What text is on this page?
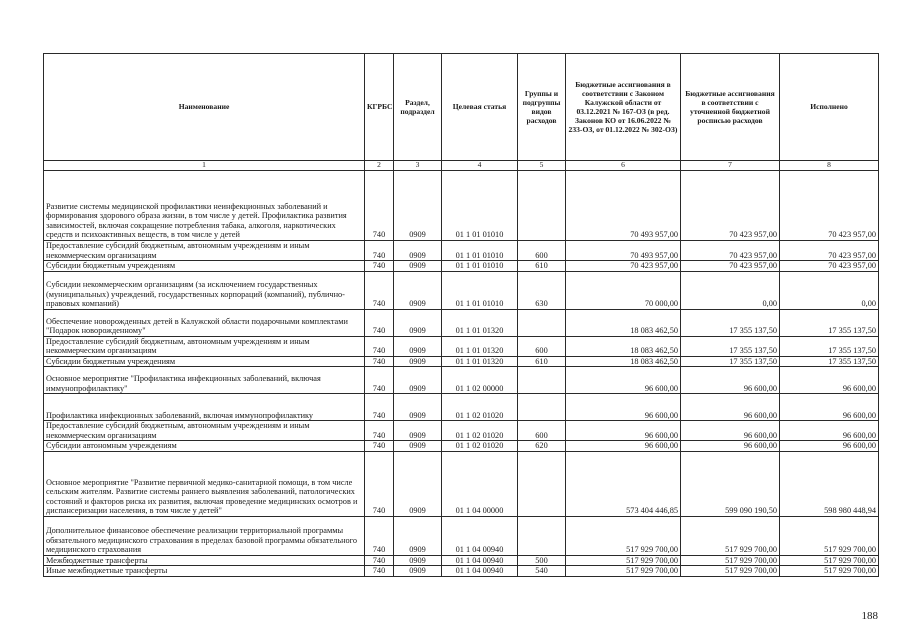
Наименование	КГРБС	Раздел, подраздел	Целевая статья	Группы и подгруппы видов расходов	Бюджетные ассигнования в соответствии с Законом Калужской области от 03.12.2021 № 167-ОЗ (в ред. Законов КО от 16.06.2022 № 233-ОЗ, от 01.12.2022 № 302-ОЗ)	Бюджетные ассигнования в соответствии с уточненной бюджетной росписью расходов	Исполнено
1	2	3	4	5	6	7	8
Развитие системы медицинской профилактики неинфекционных заболеваний и формирования здорового образа жизни, в том числе у детей. Профилактика развития зависимостей, включая сокращение потребления табака, алкоголя, наркотических средств и психоактивных веществ, в том числе у детей	740	0909	01 1 01 01010		70 493 957,00	70 423 957,00	70 423 957,00
Предоставление субсидий бюджетным, автономным учреждениям и иным некоммерческим организациям	740	0909	01 1 01 01010	600	70 493 957,00	70 423 957,00	70 423 957,00
Субсидии бюджетным учреждениям	740	0909	01 1 01 01010	610	70 423 957,00	70 423 957,00	70 423 957,00
Субсидии некоммерческим организациям (за исключением государственных (муниципальных) учреждений, государственных корпораций (компаний), публично-правовых компаний)	740	0909	01 1 01 01010	630	70 000,00	0,00	0,00
Обеспечение новорожденных детей в Калужской области подарочными комплектами "Подарок новорожденному"	740	0909	01 1 01 01320		18 083 462,50	17 355 137,50	17 355 137,50
Предоставление субсидий бюджетным, автономным учреждениям и иным некоммерческим организациям	740	0909	01 1 01 01320	600	18 083 462,50	17 355 137,50	17 355 137,50
Субсидии бюджетным учреждениям	740	0909	01 1 01 01320	610	18 083 462,50	17 355 137,50	17 355 137,50
Основное мероприятие "Профилактика инфекционных заболеваний, включая иммунопрофилактику"	740	0909	01 1 02 00000		96 600,00	96 600,00	96 600,00
Профилактика инфекционных заболеваний, включая иммунопрофилактику	740	0909	01 1 02 01020		96 600,00	96 600,00	96 600,00
Предоставление субсидий бюджетным, автономным учреждениям и иным некоммерческим организациям	740	0909	01 1 02 01020	600	96 600,00	96 600,00	96 600,00
Субсидии автономным учреждениям	740	0909	01 1 02 01020	620	96 600,00	96 600,00	96 600,00
Основное мероприятие "Развитие первичной медико-санитарной помощи, в том числе сельским жителям. Развитие системы раннего выявления заболеваний, патологических состояний и факторов риска их развития, включая проведение медицинских осмотров и диспансеризации населения, в том числе у детей"	740	0909	01 1 04 00000		573 404 446,85	599 090 190,50	598 980 448,94
Дополнительное финансовое обеспечение реализации территориальной программы обязательного медицинского страхования в пределах базовой программы обязательного медицинского страхования	740	0909	01 1 04 00940		517 929 700,00	517 929 700,00	517 929 700,00
Межбюджетные трансферты	740	0909	01 1 04 00940	500	517 929 700,00	517 929 700,00	517 929 700,00
Иные межбюджетные трансферты	740	0909	01 1 04 00940	540	517 929 700,00	517 929 700,00	517 929 700,00
188
